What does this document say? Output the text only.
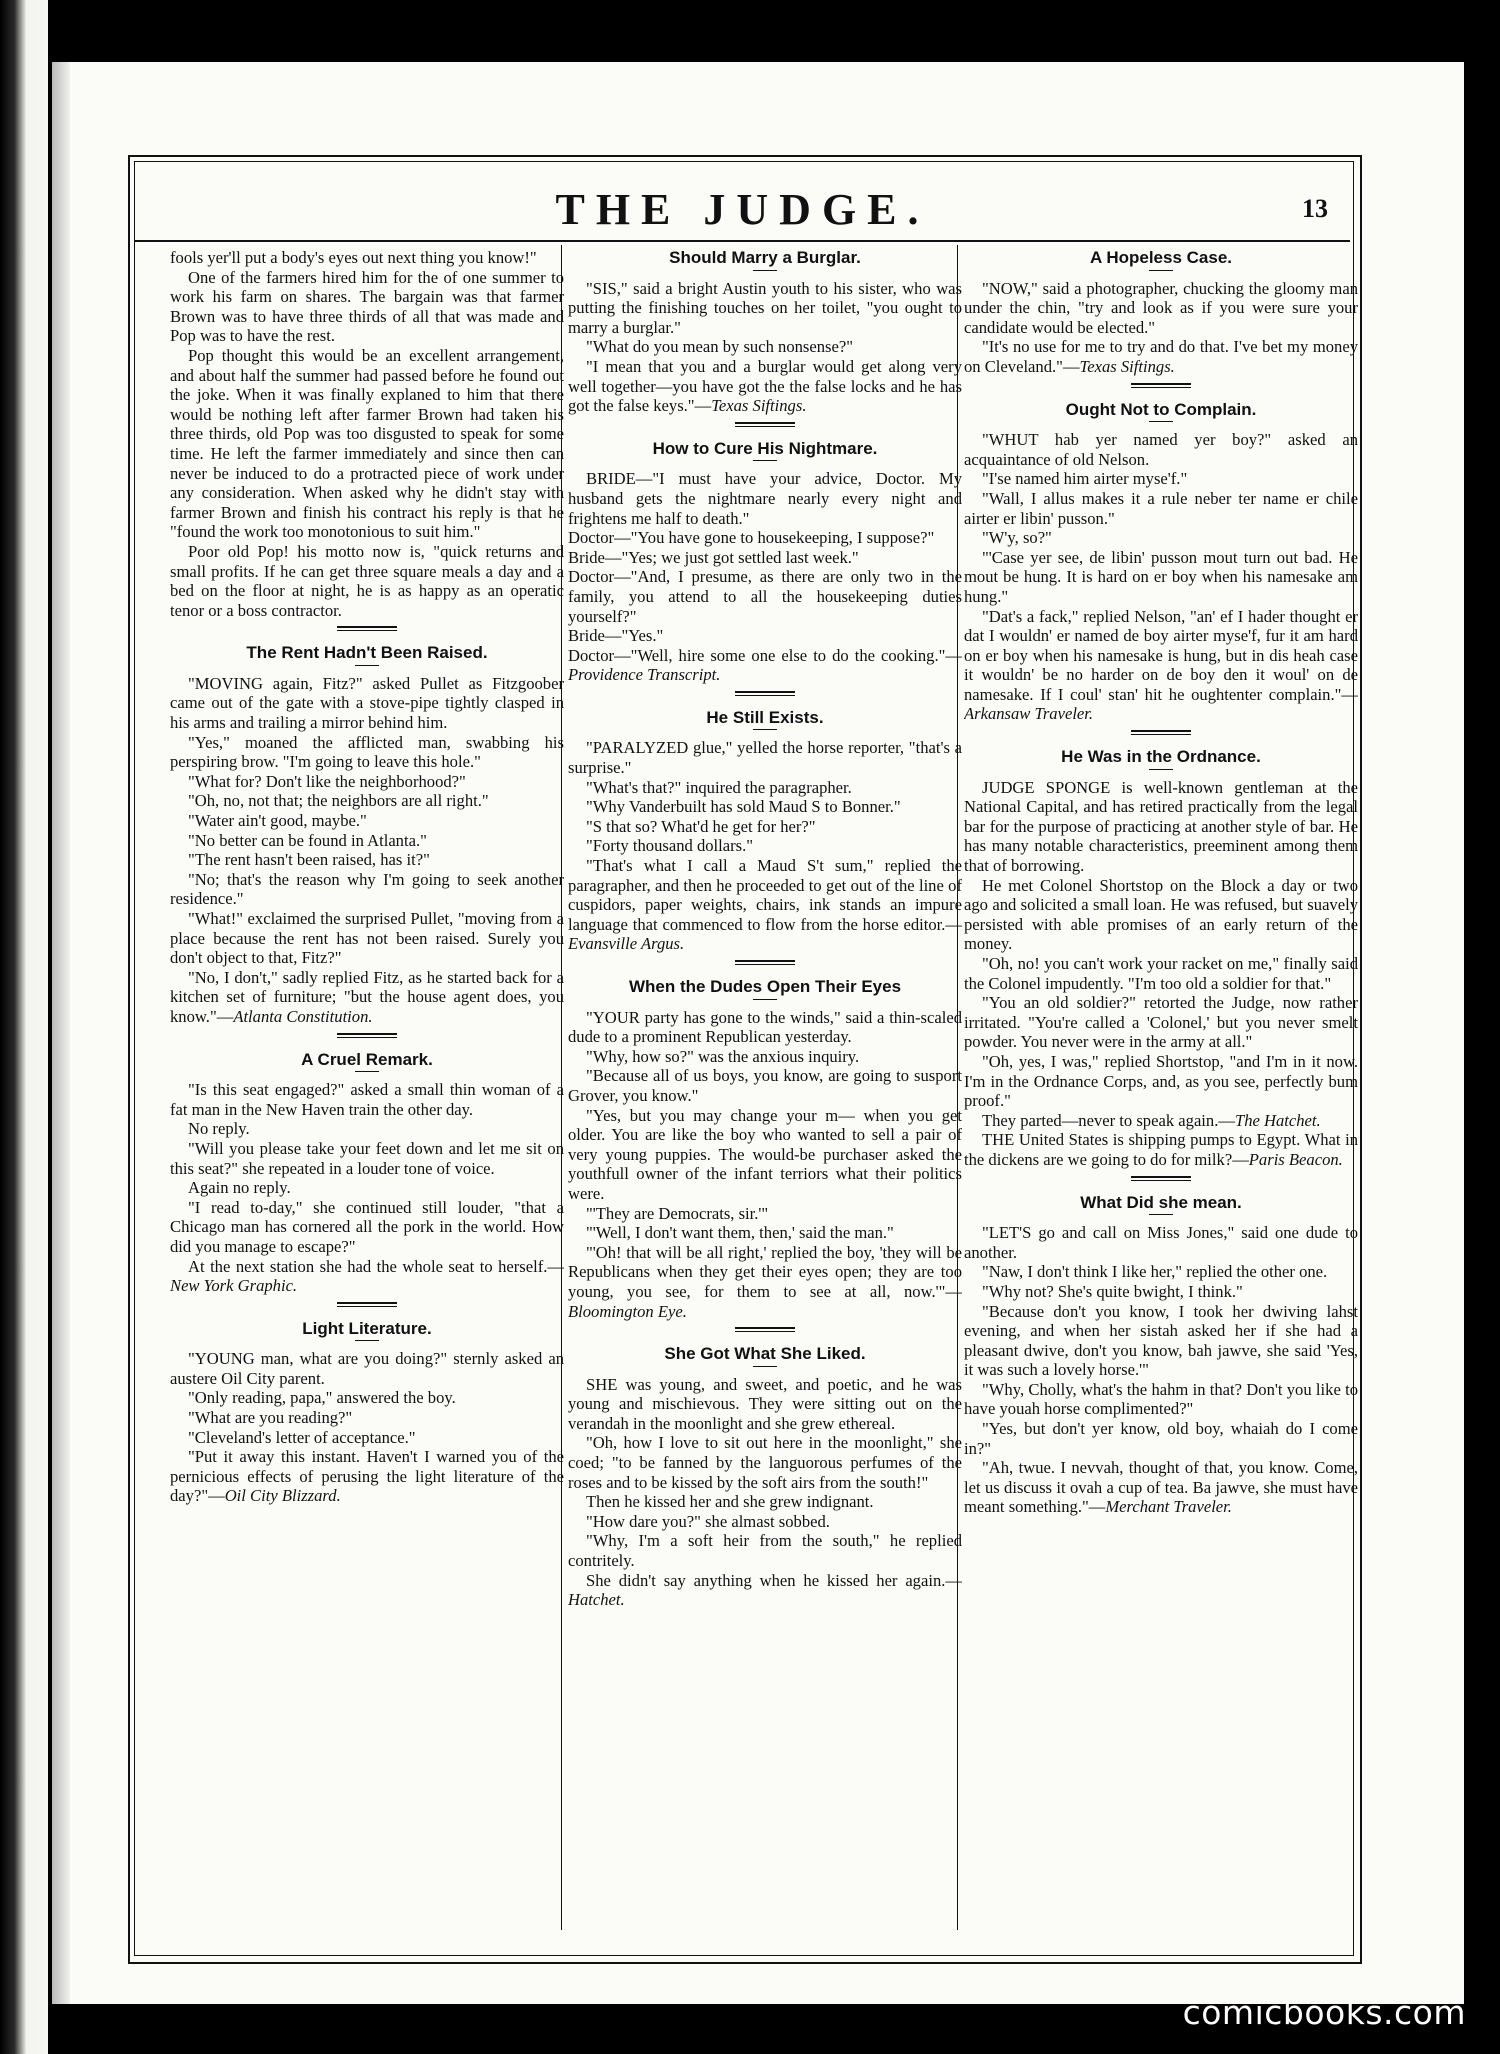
THE JUDGE.	13

fools yer'll put a body's eyes out next thing you know!"

One of the farmers hired him for the of one summer to work his farm on shares. The bargain was that farmer Brown was to have three thirds of all that was made and Pop was to have the rest.

Pop thought this would be an excellent arrangement, and about half the summer had passed before he found out the joke. When it was finally explaned to him that there would be nothing left after farmer Brown had taken his three thirds, old Pop was too disgusted to speak for some time. He left the farmer immediately and since then can never be induced to do a protracted piece of work under any consideration. When asked why he didn't stay with farmer Brown and finish his contract his reply is that he "found the work too monotonious to suit him."

Poor old Pop! his motto now is, "quick returns and small profits. If he can get three square meals a day and a bed on the floor at night, he is as happy as an operatic tenor or a boss contractor.

The Rent Hadn't Been Raised.

"MOVING again, Fitz?" asked Pullet as Fitzgoober came out of the gate with a stove-pipe tightly clasped in his arms and trailing a mirror behind him.

"Yes," moaned the afflicted man, swabbing his perspiring brow. "I'm going to leave this hole."

"What for? Don't like the neighborhood?"

"Oh, no, not that; the neighbors are all right."

"Water ain't good, maybe."

"No better can be found in Atlanta."

"The rent hasn't been raised, has it?"

"No; that's the reason why I'm going to seek another residence."

"What!" exclaimed the surprised Pullet, "moving from a place because the rent has not been raised. Surely you don't object to that, Fitz?"

"No, I don't," sadly replied Fitz, as he started back for a kitchen set of furniture; "but the house agent does, you know."—Atlanta Constitution.

A Cruel Remark.

"Is this seat engaged?" asked a small thin woman of a fat man in the New Haven train the other day.

No reply.

"Will you please take your feet down and let me sit on this seat?" she repeated in a louder tone of voice.

Again no reply.

"I read to-day," she continued still louder, "that a Chicago man has cornered all the pork in the world. How did you manage to escape?"

At the next station she had the whole seat to herself.—New York Graphic.

Light Literature.

"YOUNG man, what are you doing?" sternly asked an austere Oil City parent.

"Only reading, papa," answered the boy.

"What are you reading?"

"Cleveland's letter of acceptance."

"Put it away this instant. Haven't I warned you of the pernicious effects of perusing the light literature of the day?"—Oil City Blizzard.

Should Marry a Burglar.

"SIS," said a bright Austin youth to his sister, who was putting the finishing touches on her toilet, "you ought to marry a burglar."

"What do you mean by such nonsense?"

"I mean that you and a burglar would get along very well together—you have got the the false locks and he has got the false keys."—Texas Siftings.

How to Cure His Nightmare.

BRIDE—"I must have your advice, Doctor. My husband gets the nightmare nearly every night and frightens me half to death."

Doctor—"You have gone to housekeeping, I suppose?"

Bride—"Yes; we just got settled last week."

Doctor—"And, I presume, as there are only two in the family, you attend to all the housekeeping duties yourself?"

Bride—"Yes."

Doctor—"Well, hire some one else to do the cooking."—Providence Transcript.

He Still Exists.

"PARALYZED glue," yelled the horse reporter, "that's a surprise."

"What's that?" inquired the paragrapher.

"Why Vanderbuilt has sold Maud S to Bonner."

"S that so? What'd he get for her?"

"Forty thousand dollars."

"That's what I call a Maud S't sum," replied the paragrapher, and then he proceeded to get out of the line of cuspidors, paper weights, chairs, ink stands an impure language that commenced to flow from the horse editor.—Evansville Argus.

When the Dudes Open Their Eyes

"YOUR party has gone to the winds," said a thin-scaled dude to a prominent Republican yesterday.

"Why, how so?" was the anxious inquiry.

"Because all of us boys, you know, are going to susport Grover, you know."

"Yes, but you may change your m— when you get older. You are like the boy who wanted to sell a pair of very young puppies. The would-be purchaser asked the youthfull owner of the infant terriors what their politics were.

"'They are Democrats, sir.'"

"'Well, I don't want them, then,' said the man."

"'Oh! that will be all right,' replied the boy, 'they will be Republicans when they get their eyes open; they are too young, you see, for them to see at all, now.'"—Bloomington Eye.

She Got What She Liked.

SHE was young, and sweet, and poetic, and he was young and mischievous. They were sitting out on the verandah in the moonlight and she grew ethereal.

"Oh, how I love to sit out here in the moonlight," she coed; "to be fanned by the languorous perfumes of the roses and to be kissed by the soft airs from the south!"

Then he kissed her and she grew indignant.

"How dare you?" she almast sobbed.

"Why, I'm a soft heir from the south," he replied contritely.

She didn't say anything when he kissed her again.—Hatchet.

A Hopeless Case.

"NOW," said a photographer, chucking the gloomy man under the chin, "try and look as if you were sure your candidate would be elected."

"It's no use for me to try and do that. I've bet my money on Cleveland."—Texas Siftings.

Ought Not to Complain.

"WHUT hab yer named yer boy?" asked an acquaintance of old Nelson.

"I'se named him airter myse'f."

"Wall, I allus makes it a rule neber ter name er chile airter er libin' pusson."

"W'y, so?"

"'Case yer see, de libin' pusson mout turn out bad. He mout be hung. It is hard on er boy when his namesake am hung."

"Dat's a fack," replied Nelson, "an' ef I hader thought er dat I wouldn' er named de boy airter myse'f, fur it am hard on er boy when his namesake is hung, but in dis heah case it wouldn' be no harder on de boy den it woul' on de namesake. If I coul' stan' hit he oughtenter complain."—Arkansaw Traveler.

He Was in the Ordnance.

JUDGE SPONGE is well-known gentleman at the National Capital, and has retired practically from the legal bar for the purpose of practicing at another style of bar. He has many notable characteristics, preeminent among them that of borrowing.

He met Colonel Shortstop on the Block a day or two ago and solicited a small loan. He was refused, but suavely persisted with able promises of an early return of the money.

"Oh, no! you can't work your racket on me," finally said the Colonel impudently. "I'm too old a soldier for that."

"You an old soldier?" retorted the Judge, now rather irritated. "You're called a 'Colonel,' but you never smelt powder. You never were in the army at all."

"Oh, yes, I was," replied Shortstop, "and I'm in it now. I'm in the Ordnance Corps, and, as you see, perfectly bum proof."

They parted—never to speak again.—The Hatchet.

THE United States is shipping pumps to Egypt. What in the dickens are we going to do for milk?—Paris Beacon.

What Did she mean.

"LET'S go and call on Miss Jones," said one dude to another.

"Naw, I don't think I like her," replied the other one.

"Why not? She's quite bwight, I think."

"Because don't you know, I took her dwiving lahst evening, and when her sistah asked her if she had a pleasant dwive, don't you know, bah jawve, she said 'Yes, it was such a lovely horse.'"

"Why, Cholly, what's the hahm in that? Don't you like to have youah horse complimented?"

"Yes, but don't yer know, old boy, whaiah do I come in?"

"Ah, twue. I nevvah, thought of that, you know. Come, let us discuss it ovah a cup of tea. Ba jawve, she must have meant something."—Merchant Traveler.

comicbooks.com
